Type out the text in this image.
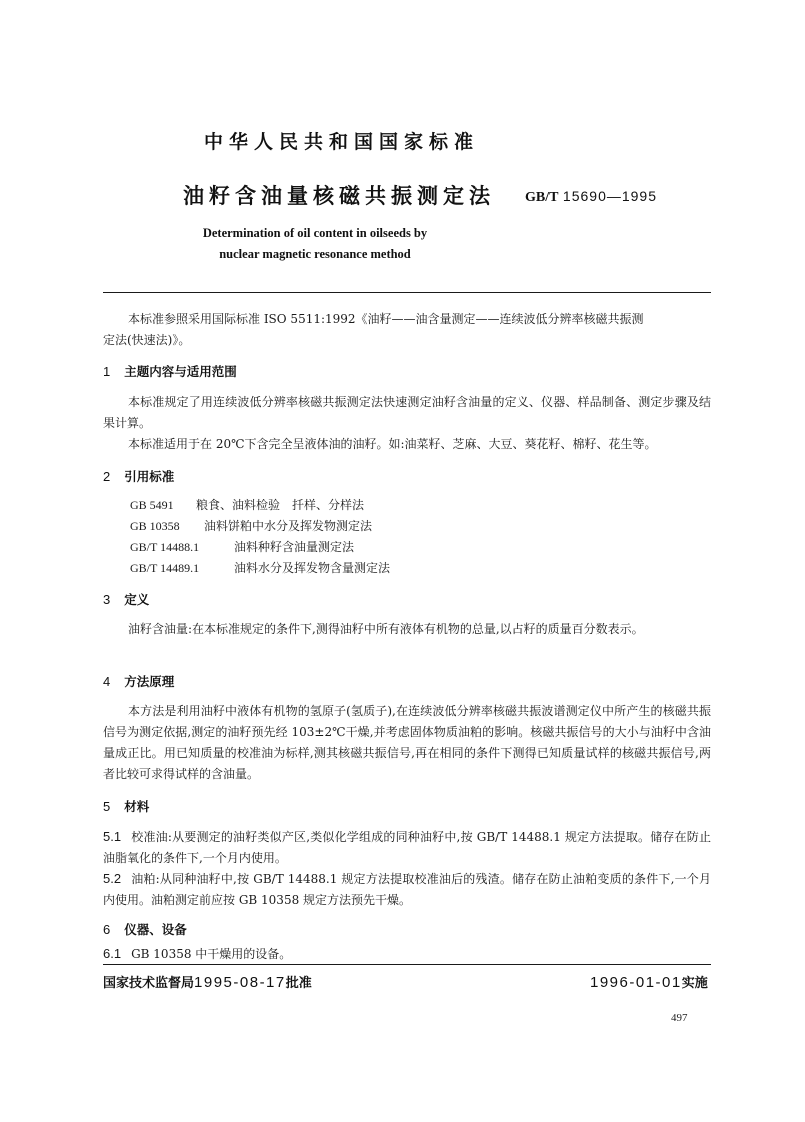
中华人民共和国国家标准
油籽含油量核磁共振测定法 GB/T 15690—1995
Determination of oil content in oilseeds by
nuclear magnetic resonance method
本标准参照采用国际标准 ISO 5511:1992《油籽——油含量测定——连续波低分辨率核磁共振测
定法(快速法)》。
1 主题内容与适用范围
本标准规定了用连续波低分辨率核磁共振测定法快速测定油籽含油量的定义、仪器、样品制备、测定步骤及结果计算。
本标准适用于在 20℃下含完全呈液体油的油籽。如:油菜籽、芝麻、大豆、葵花籽、棉籽、花生等。
2 引用标准
GB 5491 粮食、油料检验　扦样、分样法
GB 10358 油料饼粕中水分及挥发物测定法
GB/T 14488.1	油料种籽含油量测定法
GB/T 14489.1	油料水分及挥发物含量测定法
3 定义
油籽含油量:在本标准规定的条件下,测得油籽中所有液体有机物的总量,以占籽的质量百分数表示。
4 方法原理
本方法是利用油籽中液体有机物的氢原子(氢质子),在连续波低分辨率核磁共振波谱测定仪中所产生的核磁共振信号为测定依据,测定的油籽预先经 103±2℃干燥,并考虑固体物质油粕的影响。核磁共振信号的大小与油籽中含油量成正比。用已知质量的校准油为标样,测其核磁共振信号,再在相同的条件下测得已知质量试样的核磁共振信号,两者比较可求得试样的含油量。
5 材料
5.1 校准油:从要测定的油籽类似产区,类似化学组成的同种油籽中,按 GB/T 14488.1 规定方法提取。储存在防止油脂氧化的条件下,一个月内使用。
5.2 油粕:从同种油籽中,按 GB/T 14488.1 规定方法提取校准油后的残渣。储存在防止油粕变质的条件下,一个月内使用。油粕测定前应按 GB 10358 规定方法预先干燥。
6 仪器、设备
6.1 GB 10358 中干燥用的设备。
国家技术监督局1995-08-17批准	1996-01-01实施
497
